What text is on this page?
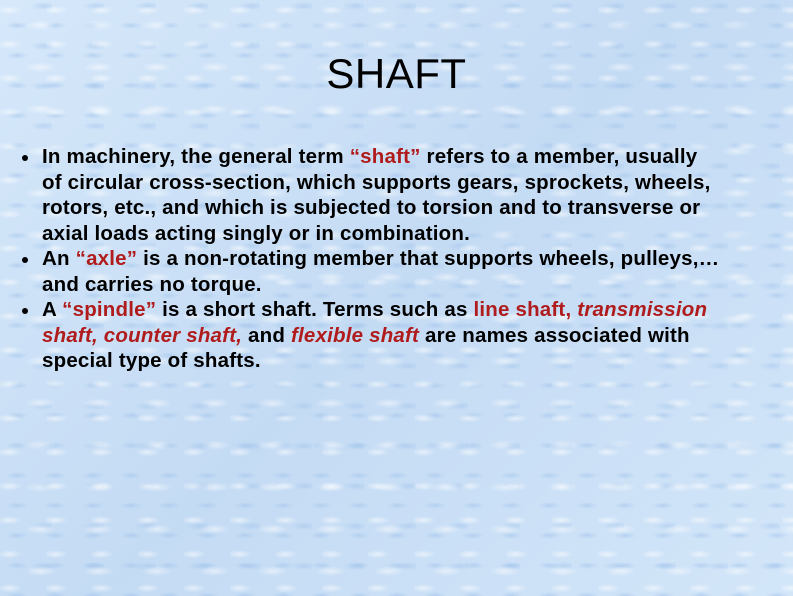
SHAFT
In machinery, the general term “shaft” refers to a member, usually of circular cross-section, which supports gears, sprockets, wheels, rotors, etc., and which is subjected to torsion and to transverse or axial loads acting singly or in combination.
An “axle” is a non-rotating member that supports wheels, pulleys,… and carries no torque.
A “spindle” is a short shaft. Terms such as line shaft, transmission shaft, counter shaft, and flexible shaft are names associated with special type of shafts.
